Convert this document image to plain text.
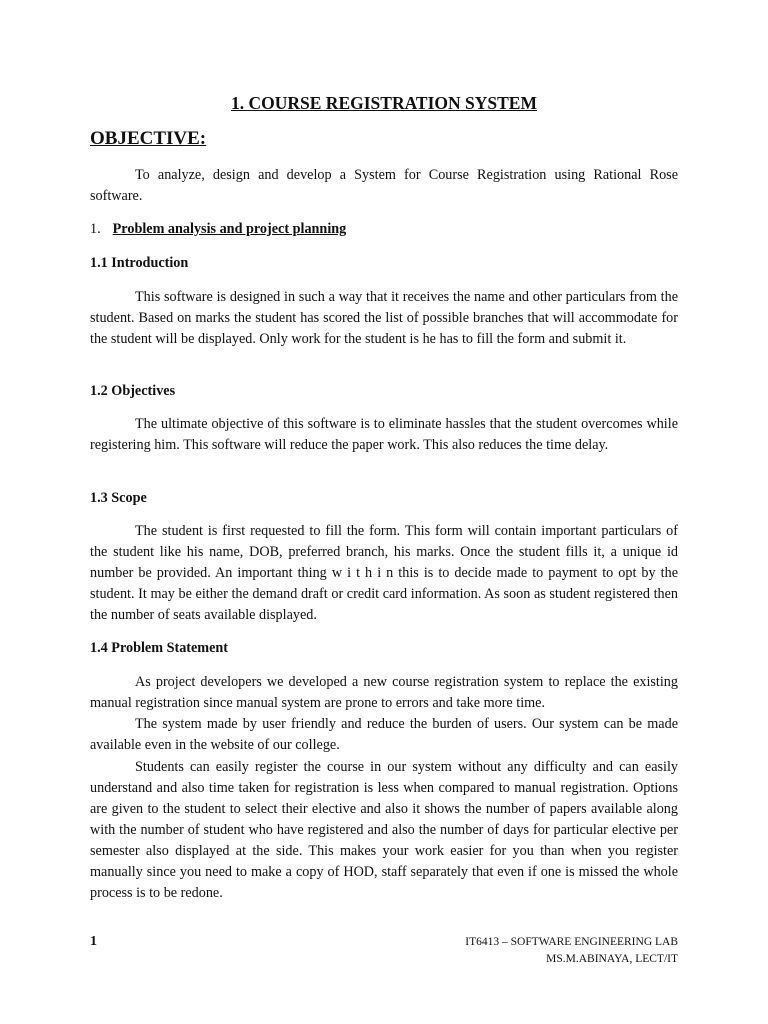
1. COURSE REGISTRATION SYSTEM
OBJECTIVE:
To analyze, design and develop a System for Course Registration using Rational Rose software.
1. Problem analysis and project planning
1.1 Introduction
This software is designed in such a way that it receives the name and other particulars from the student. Based on marks the student has scored the list of possible branches that will accommodate for the student will be displayed. Only work for the student is he has to fill the form and submit it.
1.2 Objectives
The ultimate objective of this software is to eliminate hassles that the student overcomes while registering him. This software will reduce the paper work. This also reduces the time delay.
1.3 Scope
The student is first requested to fill the form. This form will contain important particulars of the student like his name, DOB, preferred branch, his marks. Once the student fills it, a unique id number be provided. An important thing w i t h i n this is to decide made to payment to opt by the student. It may be either the demand draft or credit card information. As soon as student registered then the number of seats available displayed.
1.4 Problem Statement
As project developers we developed a new course registration system to replace the existing manual registration since manual system are prone to errors and take more time.
The system made by user friendly and reduce the burden of users. Our system can be made available even in the website of our college.
Students can easily register the course in our system without any difficulty and can easily understand and also time taken for registration is less when compared to manual registration. Options are given to the student to select their elective and also it shows the number of papers available along with the number of student who have registered and also the number of days for particular elective per semester also displayed at the side. This makes your work easier for you than when you register manually since you need to make a copy of HOD, staff separately that even if one is missed the whole process is to be redone.
1	IT6413 – SOFTWARE ENGINEERING LAB
MS.M.ABINAYA, LECT/IT
